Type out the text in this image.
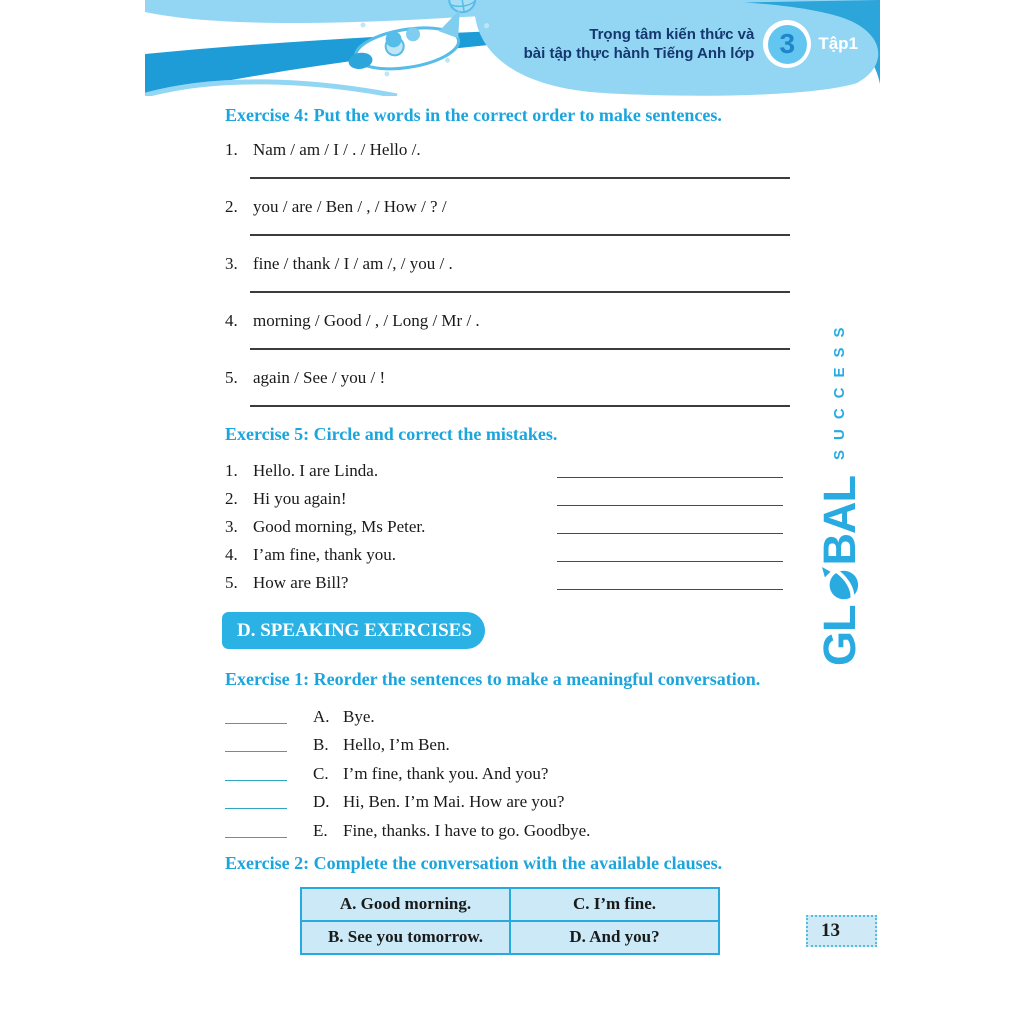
Trọng tâm kiến thức và
bài tập thực hành Tiếng Anh lớp 3	Tập1
Exercise 4: Put the words in the correct order to make sentences.
1. Nam / am / I / . / Hello /.
2. you / are / Ben / , / How / ? /
3. fine / thank / I / am /, / you / .
4. morning / Good / , / Long / Mr / .
5. again / See / you / !
Exercise 5: Circle and correct the mistakes.
1. Hello. I are Linda.
2. Hi you again!
3. Good morning, Ms Peter.
4. I’am fine, thank you.
5. How are Bill?
D. SPEAKING EXERCISES
Exercise 1: Reorder the sentences to make a meaningful conversation.
A. Bye.
B. Hello, I’m Ben.
C. I’m fine, thank you. And you?
D. Hi, Ben. I’m Mai. How are you?
E. Fine, thanks. I have to go. Goodbye.
Exercise 2: Complete the conversation with the available clauses.
A. Good morning.	C. I’m fine.
B. See you tomorrow.	D. And you?
GL
BAL
SUCCESS
13
